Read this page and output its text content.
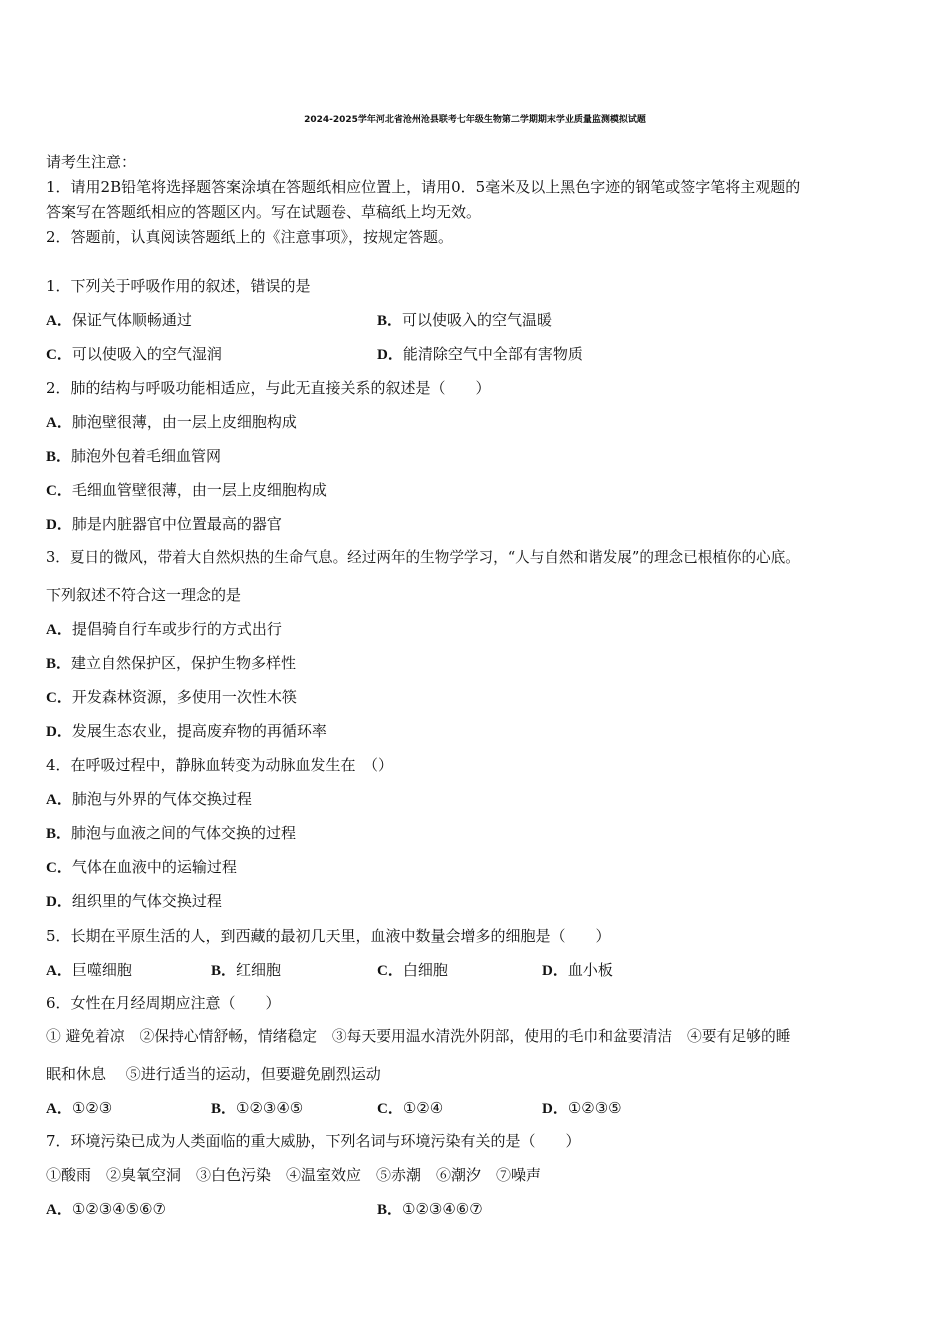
2024-2025学年河北省沧州沧县联考七年级生物第二学期期末学业质量监测模拟试题
请考生注意：
1．请用2B铅笔将选择题答案涂填在答题纸相应位置上，请用0．5毫米及以上黑色字迹的钢笔或签字笔将主观题的
答案写在答题纸相应的答题区内。写在试题卷、草稿纸上均无效。
2．答题前，认真阅读答题纸上的《注意事项》，按规定答题。
1．下列关于呼吸作用的叙述，错误的是
A．保证气体顺畅通过	B．可以使吸入的空气温暖
C．可以使吸入的空气湿润	D．能清除空气中全部有害物质
2．肺的结构与呼吸功能相适应，与此无直接关系的叙述是（　　）
A．肺泡壁很薄，由一层上皮细胞构成
B．肺泡外包着毛细血管网
C．毛细血管壁很薄，由一层上皮细胞构成
D．肺是内脏器官中位置最高的器官
3．夏日的微风，带着大自然炽热的生命气息。经过两年的生物学学习，“人与自然和谐发展”的理念已根植你的心底。
下列叙述不符合这一理念的是
A．提倡骑自行车或步行的方式出行
B．建立自然保护区，保护生物多样性
C．开发森林资源，多使用一次性木筷
D．发展生态农业，提高废弃物的再循环率
4．在呼吸过程中，静脉血转变为动脉血发生在　（）
A．肺泡与外界的气体交换过程
B．肺泡与血液之间的气体交换的过程
C．气体在血液中的运输过程
D．组织里的气体交换过程
5．长期在平原生活的人，到西藏的最初几天里，血液中数量会增多的细胞是（　　）
A．巨噬细胞	B．红细胞	C．白细胞	D．血小板
6．女性在月经周期应注意（　　）
① 避免着凉　②保持心情舒畅，情绪稳定　③每天要用温水清洗外阴部，使用的毛巾和盆要清洁　④要有足够的睡
眠和休息　 ⑤进行适当的运动，但要避免剧烈运动
A．①②③	B．①②③④⑤	C．①②④	D．①②③⑤
7．环境污染已成为人类面临的重大威胁，下列名词与环境污染有关的是（　　）
①酸雨　②臭氧空洞　③白色污染　④温室效应　⑤赤潮　⑥潮汐　⑦噪声
A．①②③④⑤⑥⑦	B．①②③④⑥⑦
